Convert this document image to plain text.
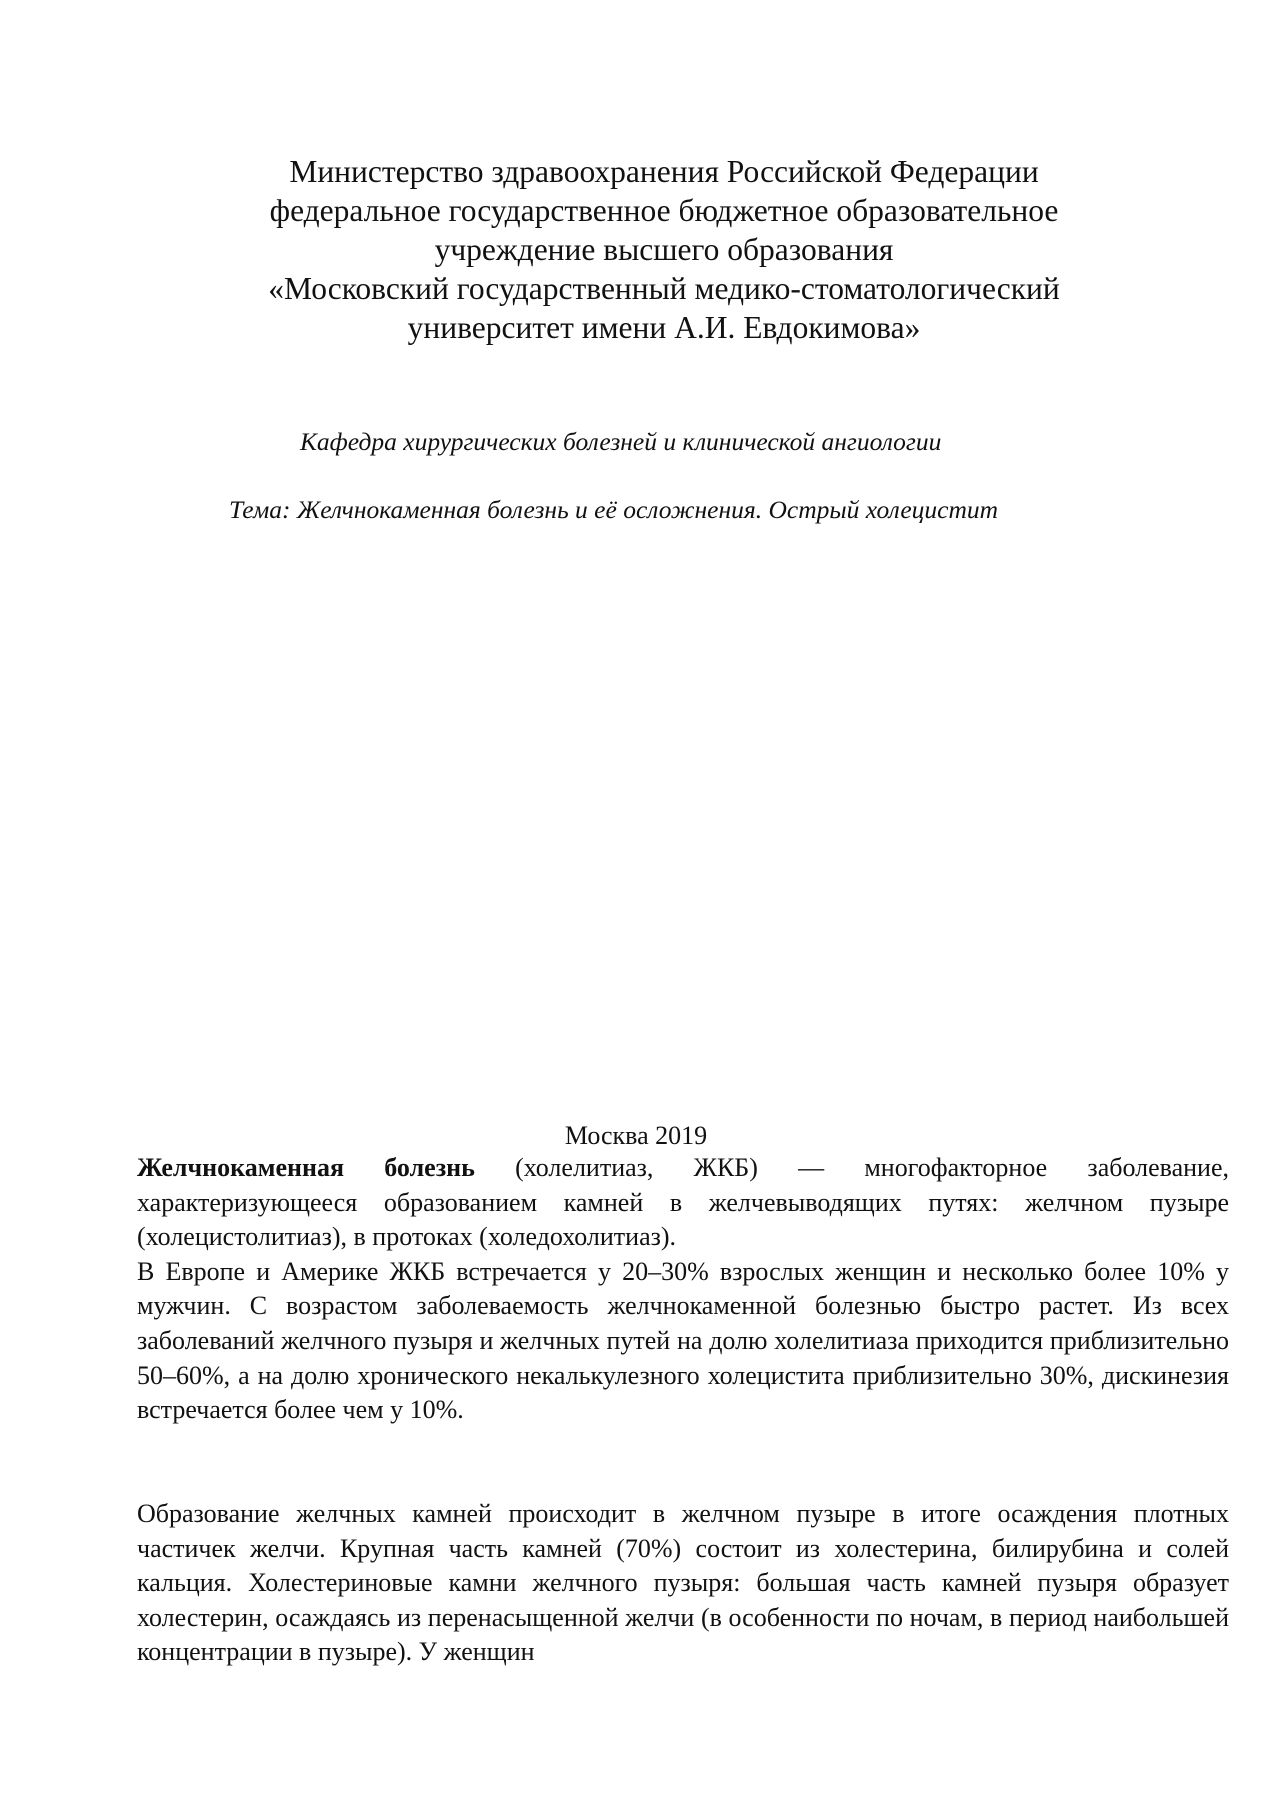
Министерство здравоохранения Российской Федерации
федеральное государственное бюджетное образовательное
учреждение высшего образования
«Московский государственный медико-стоматологический
университет имени А.И. Евдокимова»
Кафедра хирургических болезней и клинической ангиологии
Тема: Желчнокаменная болезнь и её осложнения. Острый холецистит
Москва 2019

Желчнокаменная болезнь (холелитиаз, ЖКБ) — многофакторное заболевание, характеризующееся образованием камней в желчевыводящих путях: желчном пузыре (холецистолитиаз), в протоках (холедохолитиаз).

В Европе и Америке ЖКБ встречается у 20–30% взрослых женщин и несколько более 10% у мужчин. С возрастом заболеваемость желчнокаменной болезнью быстро растет. Из всех заболеваний желчного пузыря и желчных путей на долю холелитиаза приходится приблизительно 50–60%, а на долю хронического некалькулезного холецистита приблизительно 30%, дискинезия встречается более чем у 10%.

Образование желчных камней происходит в желчном пузыре в итоге осаждения плотных частичек желчи. Крупная часть камней (70%) состоит из холестерина, билирубина и солей кальция. Холестериновые камни желчного пузыря: большая часть камней пузыря образует холестерин, осаждаясь из перенасыщенной желчи (в особенности по ночам, в период наибольшей концентрации в пузыре). У женщин
